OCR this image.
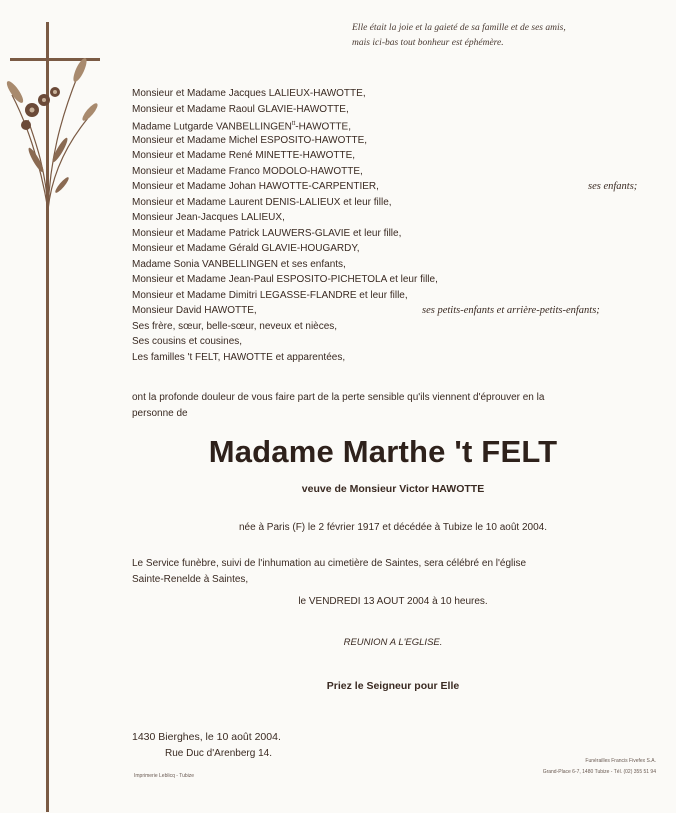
Elle était la joie et la gaieté de sa famille et de ses amis,
mais ici-bas tout bonheur est éphémère.
Monsieur et Madame Jacques LALIEUX-HAWOTTE,
Monsieur et Madame Raoul GLAVIE-HAWOTTE,
Madame Lutgarde $VANBELLINGEN^{tt}$-HAWOTTE,
Monsieur et Madame Michel ESPOSITO-HAWOTTE,
Monsieur et Madame René MINETTE-HAWOTTE,
Monsieur et Madame Franco MODOLO-HAWOTTE,
Monsieur et Madame Johan HAWOTTE-CARPENTIER,	ses enfants;
Monsieur et Madame Laurent DENIS-LALIEUX et leur fille,
Monsieur Jean-Jacques LALIEUX,
Monsieur et Madame Patrick LAUWERS-GLAVIE et leur fille,
Monsieur et Madame Gérald GLAVIE-HOUGARDY,
Madame Sonia VANBELLINGEN et ses enfants,
Monsieur et Madame Jean-Paul ESPOSITO-PICHETOLA et leur fille,
Monsieur et Madame Dimitri LEGASSE-FLANDRE et leur fille,
Monsieur David HAWOTTE,	ses petits-enfants et arrière-petits-enfants;
Ses frère, sœur, belle-sœur, neveux et nièces,
Ses cousins et cousines,
Les familles 't FELT, HAWOTTE et apparentées,
ont la profonde douleur de vous faire part de la perte sensible qu'ils viennent d'éprouver en la
personne de
Madame Marthe 't FELT
veuve de Monsieur Victor HAWOTTE
née à Paris (F) le 2 février 1917 et décédée à Tubize le 10 août 2004.
Le Service funèbre, suivi de l'inhumation au cimetière de Saintes, sera célébré en l'église
Sainte-Renelde à Saintes,
le VENDREDI 13 AOUT 2004 à 10 heures.
REUNION A L'EGLISE.
Priez le Seigneur pour Elle
1430 Bierghes, le 10 août 2004.
Rue Duc d'Arenberg 14.
Imprimerie Leblicq - Tubize
Funérailles Francis Fivefex S.A.
Grand-Place 6-7, 1480 Tubize - Tél. (02) 355 51 94
